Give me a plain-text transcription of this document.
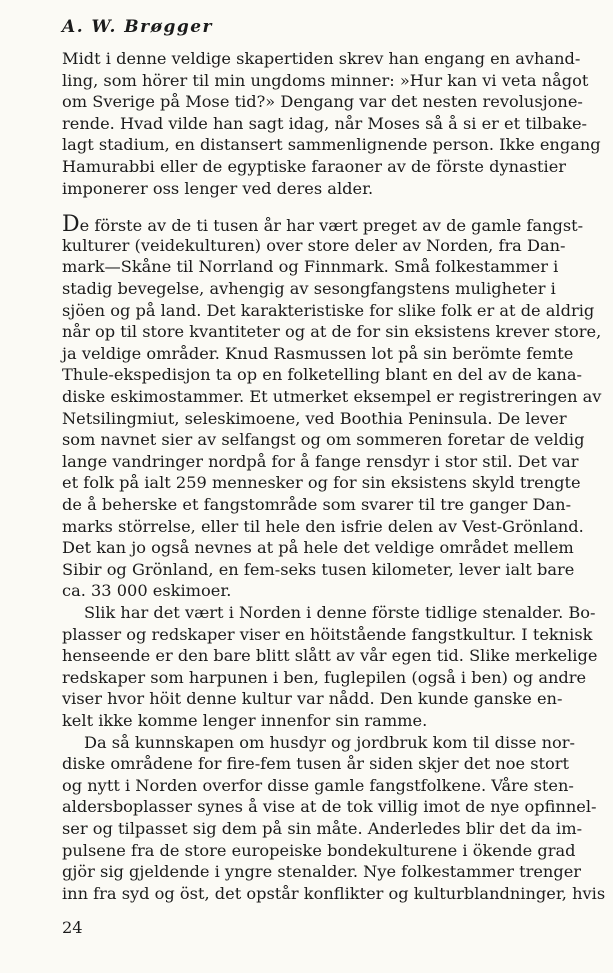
A. W. Brøgger

Midt i denne veldige skapertiden skrev han engang en avhand-

ling, som hörer til min ungdoms minner: »Hur kan vi veta något

om Sverige på Mose tid?» Dengang var det nesten revolusjone-

rende. Hvad vilde han sagt idag, når Moses så å si er et tilbake-

lagt stadium, en distansert sammenlignende person. Ikke engang

Hamurabbi eller de egyptiske faraoner av de förste dynastier

imponerer oss lenger ved deres alder.

De förste av de ti tusen år har vært preget av de gamle fangst-

kulturer (veidekulturen) over store deler av Norden, fra Dan-

mark—Skåne til Norrland og Finnmark. Små folkestammer i

stadig bevegelse, avhengig av sesongfangstens muligheter i

sjöen og på land. Det karakteristiske for slike folk er at de aldrig

når op til store kvantiteter og at de for sin eksistens krever store,

ja veldige områder. Knud Rasmussen lot på sin berömte femte

Thule-ekspedisjon ta op en folketelling blant en del av de kana-

diske eskimostammer. Et utmerket eksempel er registreringen av

Netsilingmiut, seleskimoene, ved Boothia Peninsula. De lever

som navnet sier av selfangst og om sommeren foretar de veldig

lange vandringer nordpå for å fange rensdyr i stor stil. Det var

et folk på ialt 259 mennesker og for sin eksistens skyld trengte

de å beherske et fangstområde som svarer til tre ganger Dan-

marks störrelse, eller til hele den isfrie delen av Vest-Grönland.

Det kan jo også nevnes at på hele det veldige området mellem

Sibir og Grönland, en fem-seks tusen kilometer, lever ialt bare

ca. 33 000 eskimoer.

Slik har det vært i Norden i denne förste tidlige stenalder. Bo-

plasser og redskaper viser en höitstående fangstkultur. I teknisk

henseende er den bare blitt slått av vår egen tid. Slike merkelige

redskaper som harpunen i ben, fuglepilen (også i ben) og andre

viser hvor höit denne kultur var nådd. Den kunde ganske en-

kelt ikke komme lenger innenfor sin ramme.

Da så kunnskapen om husdyr og jordbruk kom til disse nor-

diske områdene for fire-fem tusen år siden skjer det noe stort

og nytt i Norden overfor disse gamle fangstfolkene. Våre sten-

aldersboplasser synes å vise at de tok villig imot de nye opfinnel-

ser og tilpasset sig dem på sin måte. Anderledes blir det da im-

pulsene fra de store europeiske bondekulturene i ökende grad

gjör sig gjeldende i yngre stenalder. Nye folkestammer trenger

inn fra syd og öst, det opstår konflikter og kulturblandninger, hvis

24
